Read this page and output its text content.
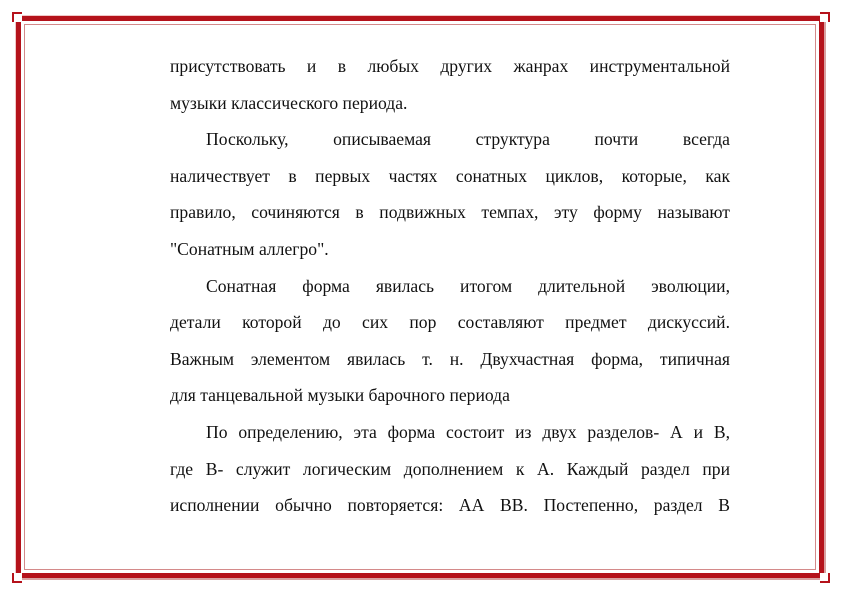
присутствовать и в любых других жанрах инструментальной
музыки классического периода.
Поскольку, описываемая структура почти всегда
наличествует в первых частях сонатных циклов, которые, как
правило, сочиняются в подвижных темпах, эту форму называют
"Сонатным аллегро".
Сонатная форма явилась итогом длительной эволюции,
детали которой до сих пор составляют предмет дискуссий.
Важным элементом явилась т. н. Двухчастная форма, типичная
для танцевальной музыки барочного периода
По определению, эта форма состоит из двух разделов- А и В,
где В- служит логическим дополнением к А. Каждый раздел при
исполнении обычно повторяется: АА ВВ. Постепенно, раздел В
